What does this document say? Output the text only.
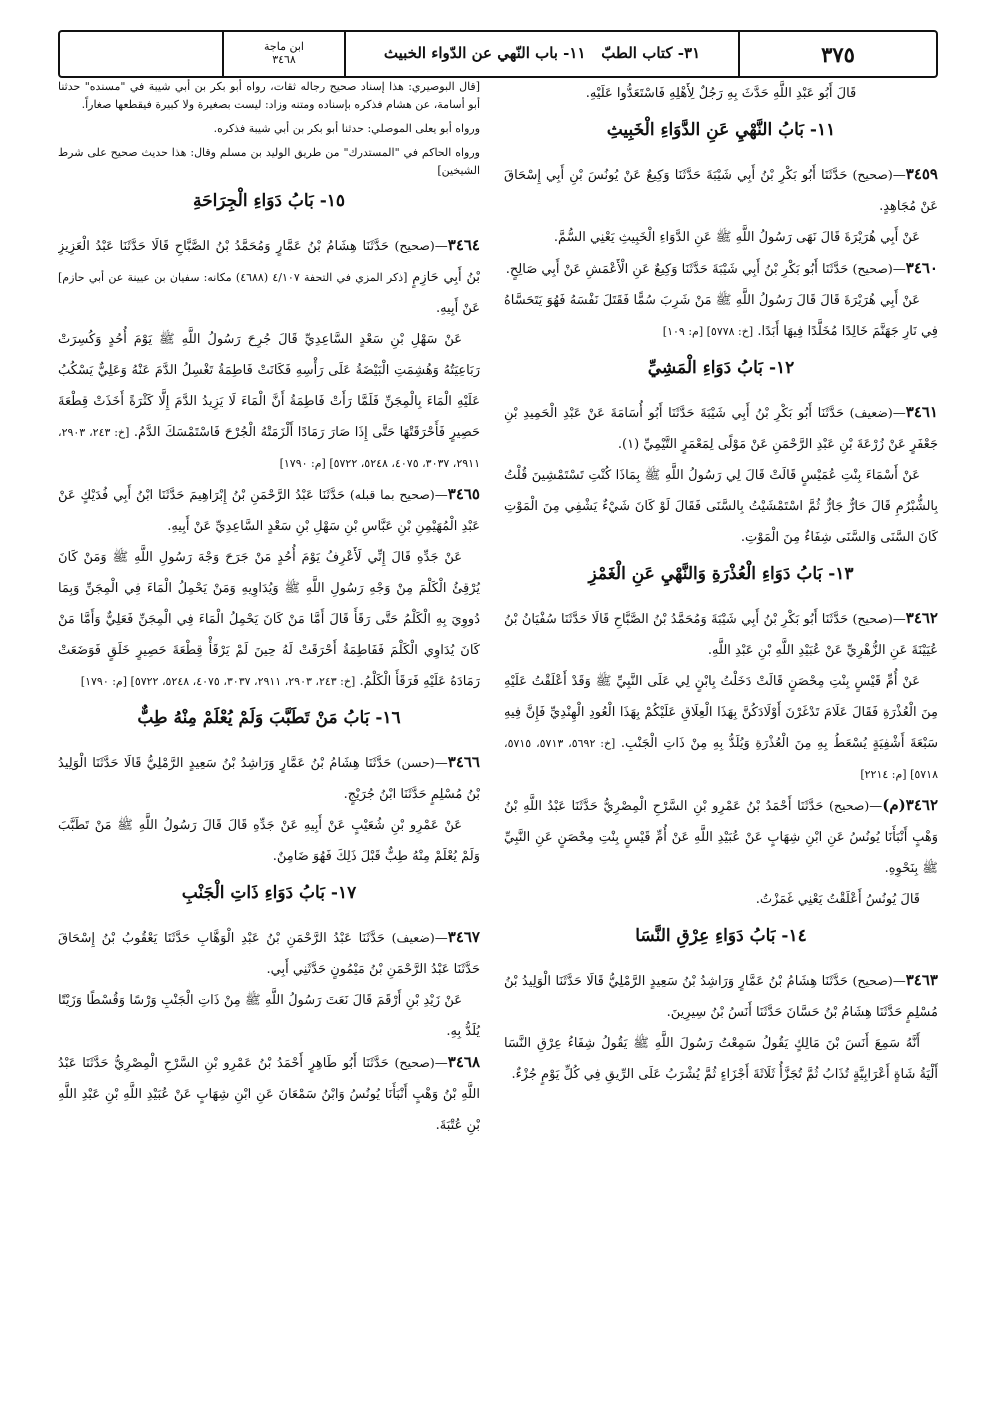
٣٧٥
٣١- كتاب الطبّ   ١١- باب النّهي عن الدّواء الخبيث
ابن ماجة
٣٤٦٨

قَالَ أَبُو عَبْدِ اللَّهِ حَدَّثَ بِهِ رَجُلٌ لِأَهْلِهِ فَاسْتَعَدُّوا عَلَيْهِ.

١١- بَابُ النَّهْيِ عَنِ الدَّوَاءِ الْخَبِيثِ

٣٤٥٩—(صحيح) حَدَّثَنَا أَبُو بَكْرِ بْنُ أَبِي شَيْبَةَ حَدَّثَنَا وَكِيعٌ عَنْ يُونُسَ بْنِ أَبِي إِسْحَاقَ عَنْ مُجَاهِدٍ.

عَنْ أَبِي هُرَيْرَةَ قَالَ نَهَى رَسُولُ اللَّهِ ﷺ عَنِ الدَّوَاءِ الْخَبِيثِ يَعْنِي السُّمَّ.

٣٤٦٠—(صحيح) حَدَّثَنَا أَبُو بَكْرِ بْنُ أَبِي شَيْبَةَ حَدَّثَنَا وَكِيعٌ عَنِ الْأَعْمَشِ عَنْ أَبِي صَالِحٍ.

عَنْ أَبِي هُرَيْرَةَ قَالَ قَالَ رَسُولُ اللَّهِ ﷺ مَنْ شَرِبَ سُمًّا فَقَتَلَ نَفْسَهُ فَهُوَ يَتَحَسَّاهُ فِي نَارِ جَهَنَّمَ خَالِدًا مُخَلَّدًا فِيهَا أَبَدًا. [خ: ٥٧٧٨] [م: ١٠٩]

١٢- بَابُ دَوَاءِ الْمَشِيِّ

٣٤٦١—(ضعيف) حَدَّثَنَا أَبُو بَكْرِ بْنُ أَبِي شَيْبَةَ حَدَّثَنَا أَبُو أُسَامَةَ عَنْ عَبْدِ الْحَمِيدِ بْنِ جَعْفَرٍ عَنْ زُرْعَةَ بْنِ عَبْدِ الرَّحْمَنِ عَنْ مَوْلًى لِمَعْمَرٍ التَّيْمِيِّ (١).

عَنْ أَسْمَاءَ بِنْتِ عُمَيْسٍ قَالَتْ قَالَ لِي رَسُولُ اللَّهِ ﷺ بِمَاذَا كُنْتِ تَسْتَمْشِينَ قُلْتُ بِالشُّبْرُمِ قَالَ حَارٌّ جَارٌّ ثُمَّ اسْتَمْشَيْتُ بِالسَّنَى فَقَالَ لَوْ كَانَ شَيْءٌ يَشْفِي مِنَ الْمَوْتِ كَانَ السَّنَى وَالسَّنَى شِفَاءٌ مِنَ الْمَوْتِ.

١٣- بَابُ دَوَاءِ الْعُذْرَةِ وَالنَّهْيِ عَنِ الْغَمْزِ

٣٤٦٢—(صحيح) حَدَّثَنَا أَبُو بَكْرِ بْنُ أَبِي شَيْبَةَ وَمُحَمَّدُ بْنُ الصَّبَّاحِ قَالَا حَدَّثَنَا سُفْيَانُ بْنُ عُيَيْنَةَ عَنِ الزُّهْرِيِّ عَنْ عُبَيْدِ اللَّهِ بْنِ عَبْدِ اللَّهِ.

عَنْ أُمِّ قَيْسٍ بِنْتِ مِحْصَنٍ قَالَتْ دَخَلْتُ بِابْنٍ لِي عَلَى النَّبِيِّ ﷺ وَقَدْ أَعْلَقْتُ عَلَيْهِ مِنَ الْعُذْرَةِ فَقَالَ عَلَامَ تَدْغَرْنَ أَوْلَادَكُنَّ بِهَذَا الْعِلَاقِ عَلَيْكُمْ بِهَذَا الْعُودِ الْهِنْدِيِّ فَإِنَّ فِيهِ سَبْعَةَ أَشْفِيَةٍ يُسْعَطُ بِهِ مِنَ الْعُذْرَةِ وَيُلَدُّ بِهِ مِنْ ذَاتِ الْجَنْبِ. [خ: ٥٦٩٢، ٥٧١٣، ٥٧١٥، ٥٧١٨] [م: ٢٢١٤]

٣٤٦٢(م)—(صحيح) حَدَّثَنَا أَحْمَدُ بْنُ عَمْرِو بْنِ السَّرْحِ الْمِصْرِيُّ حَدَّثَنَا عَبْدُ اللَّهِ بْنُ وَهْبٍ أَنْبَأَنَا يُونُسُ عَنِ ابْنِ شِهَابٍ عَنْ عُبَيْدِ اللَّهِ عَنْ أُمِّ قَيْسٍ بِنْتِ مِحْصَنٍ عَنِ النَّبِيِّ ﷺ بِنَحْوِهِ.

قَالَ يُونُسُ أَعْلَقْتُ يَعْنِي غَمَزْتُ.

١٤- بَابُ دَوَاءِ عِرْقِ النَّسَا

٣٤٦٣—(صحيح) حَدَّثَنَا هِشَامُ بْنُ عَمَّارٍ وَرَاشِدُ بْنُ سَعِيدٍ الرَّمْلِيُّ قَالَا حَدَّثَنَا الْوَلِيدُ بْنُ مُسْلِمٍ حَدَّثَنَا هِشَامُ بْنُ حَسَّانَ حَدَّثَنَا أَنَسُ بْنُ سِيرِينَ.

أَنَّهُ سَمِعَ أَنَسَ بْنَ مَالِكٍ يَقُولُ سَمِعْتُ رَسُولَ اللَّهِ ﷺ يَقُولُ شِفَاءُ عِرْقِ النَّسَا أَلْيَةُ شَاةٍ أَعْرَابِيَّةٍ تُذَابُ ثُمَّ تُجَزَّأُ ثَلَاثَةَ أَجْزَاءٍ ثُمَّ يُشْرَبُ عَلَى الرِّيقِ فِي كُلِّ يَوْمٍ جُزْءٌ.

[قال البوصيري: هذا إسناد صحيح رجاله ثقات، رواه أبو بكر بن أبي شيبة في "مسنده" حدثنا أبو أسامة، عن هشام فذكره بإسناده ومتنه وزاد: ليست بصغيرة ولا كبيرة فيقطعها صغاراً.

ورواه أبو يعلى الموصلي: حدثنا أبو بكر بن أبي شيبة فذكره.

ورواه الحاكم في "المستدرك" من طريق الوليد بن مسلم وقال: هذا حديث صحيح على شرط الشيخين]

١٥- بَابُ دَوَاءِ الْجِرَاحَةِ

٣٤٦٤—(صحيح) حَدَّثَنَا هِشَامُ بْنُ عَمَّارٍ وَمُحَمَّدُ بْنُ الصَّبَّاحِ قَالَا حَدَّثَنَا عَبْدُ الْعَزِيزِ بْنُ أَبِي حَازِمٍ [ذكر المزي في التحفة ٤/١٠٧ (٤٦٨٨) مكانه: سفيان بن عيينة عن أبي حازم] عَنْ أَبِيهِ.

عَنْ سَهْلِ بْنِ سَعْدٍ السَّاعِدِيِّ قَالَ جُرِحَ رَسُولُ اللَّهِ ﷺ يَوْمَ أُحُدٍ وَكُسِرَتْ رَبَاعِيَتُهُ وَهُشِمَتِ الْبَيْضَةُ عَلَى رَأْسِهِ فَكَانَتْ فَاطِمَةُ تَغْسِلُ الدَّمَ عَنْهُ وَعَلِيٌّ يَسْكُبُ عَلَيْهِ الْمَاءَ بِالْمِجَنِّ فَلَمَّا رَأَتْ فَاطِمَةُ أَنَّ الْمَاءَ لَا يَزِيدُ الدَّمَ إِلَّا كَثْرَةً أَخَذَتْ قِطْعَةَ حَصِيرٍ فَأَحْرَقَتْهَا حَتَّى إِذَا صَارَ رَمَادًا أَلْزَمَتْهُ الْجُرْحَ فَاسْتَمْسَكَ الدَّمُ. [خ: ٢٤٣، ٢٩٠٣، ٢٩١١، ٣٠٣٧، ٤٠٧٥، ٥٢٤٨، ٥٧٢٢] [م: ١٧٩٠]

٣٤٦٥—(صحيح بما قبله) حَدَّثَنَا عَبْدُ الرَّحْمَنِ بْنُ إِبْرَاهِيمَ حَدَّثَنَا ابْنُ أَبِي فُدَيْكٍ عَنْ عَبْدِ الْمُهَيْمِنِ بْنِ عَبَّاسِ بْنِ سَهْلِ بْنِ سَعْدٍ السَّاعِدِيِّ عَنْ أَبِيهِ.

عَنْ جَدِّهِ قَالَ إِنِّي لَأَعْرِفُ يَوْمَ أُحُدٍ مَنْ جَرَحَ وَجْهَ رَسُولِ اللَّهِ ﷺ وَمَنْ كَانَ يُرْقِئُ الْكَلْمَ مِنْ وَجْهِ رَسُولِ اللَّهِ ﷺ وَيُدَاوِيهِ وَمَنْ يَحْمِلُ الْمَاءَ فِي الْمِجَنِّ وَبِمَا دُووِيَ بِهِ الْكَلْمُ حَتَّى رَقَأَ قَالَ أَمَّا مَنْ كَانَ يَحْمِلُ الْمَاءَ فِي الْمِجَنِّ فَعَلِيٌّ وَأَمَّا مَنْ كَانَ يُدَاوِي الْكَلْمَ فَفَاطِمَةُ أَحْرَقَتْ لَهُ حِينَ لَمْ يَرْقَأْ قِطْعَةَ حَصِيرٍ خَلَقٍ فَوَضَعَتْ رَمَادَهُ عَلَيْهِ فَرَقَأَ الْكَلْمُ. [خ: ٢٤٣، ٢٩٠٣، ٢٩١١، ٣٠٣٧، ٤٠٧٥، ٥٢٤٨، ٥٧٢٢] [م: ١٧٩٠]

١٦- بَابُ مَنْ تَطَبَّبَ وَلَمْ يُعْلَمْ مِنْهُ طِبٌّ

٣٤٦٦—(حسن) حَدَّثَنَا هِشَامُ بْنُ عَمَّارٍ وَرَاشِدُ بْنُ سَعِيدٍ الرَّمْلِيُّ قَالَا حَدَّثَنَا الْوَلِيدُ بْنُ مُسْلِمٍ حَدَّثَنَا ابْنُ جُرَيْجٍ.

عَنْ عَمْرِو بْنِ شُعَيْبٍ عَنْ أَبِيهِ عَنْ جَدِّهِ قَالَ قَالَ رَسُولُ اللَّهِ ﷺ مَنْ تَطَبَّبَ وَلَمْ يُعْلَمْ مِنْهُ طِبٌّ قَبْلَ ذَلِكَ فَهُوَ ضَامِنٌ.

١٧- بَابُ دَوَاءِ ذَاتِ الْجَنْبِ

٣٤٦٧—(ضعيف) حَدَّثَنَا عَبْدُ الرَّحْمَنِ بْنُ عَبْدِ الْوَهَّابِ حَدَّثَنَا يَعْقُوبُ بْنُ إِسْحَاقَ حَدَّثَنَا عَبْدُ الرَّحْمَنِ بْنُ مَيْمُونٍ حَدَّثَنِي أَبِي.

عَنْ زَيْدِ بْنِ أَرْقَمَ قَالَ نَعَتَ رَسُولُ اللَّهِ ﷺ مِنْ ذَاتِ الْجَنْبِ وَرْسًا وَقُسْطًا وَزَيْتًا يُلَدُّ بِهِ.

٣٤٦٨—(صحيح) حَدَّثَنَا أَبُو طَاهِرٍ أَحْمَدُ بْنُ عَمْرِو بْنِ السَّرْحِ الْمِصْرِيُّ حَدَّثَنَا عَبْدُ اللَّهِ بْنُ وَهْبٍ أَنْبَأَنَا يُونُسُ وَابْنُ سَمْعَانَ عَنِ ابْنِ شِهَابٍ عَنْ عُبَيْدِ اللَّهِ بْنِ عَبْدِ اللَّهِ بْنِ عُتْبَةَ.
